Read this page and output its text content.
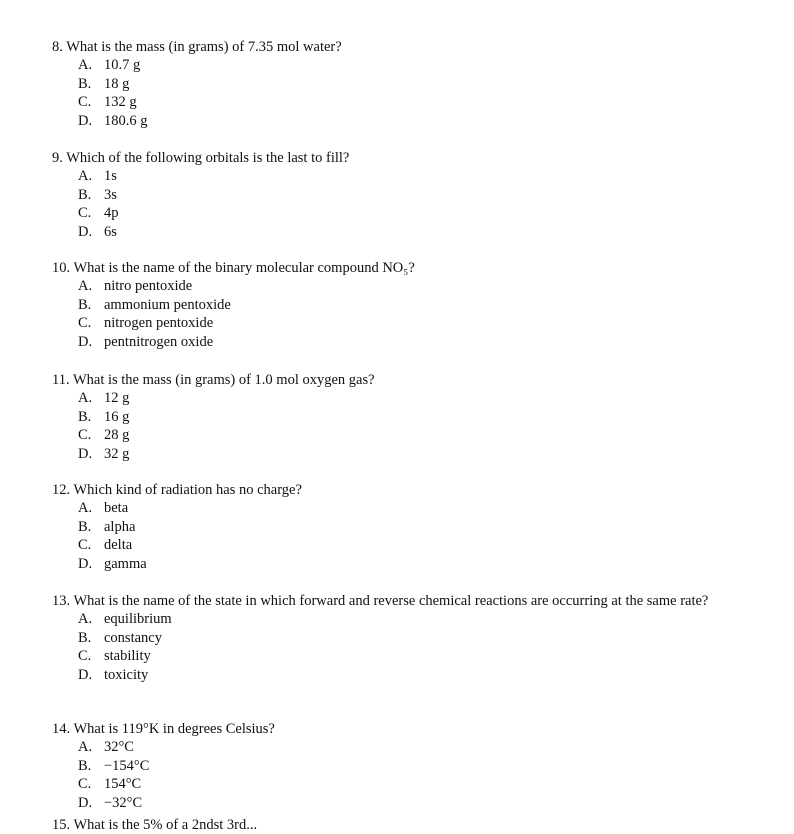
8. What is the mass (in grams) of 7.35 mol water?

A. 10.7 g
B. 18 g
C. 132 g
D. 180.6 g

9. Which of the following orbitals is the last to fill?

A. 1s
B. 3s
C. 4p
D. 6s

10. What is the name of the binary molecular compound NO₅?

A. nitro pentoxide
B. ammonium pentoxide
C. nitrogen pentoxide
D. pentnitrogen oxide

11. What is the mass (in grams) of 1.0 mol oxygen gas?

A. 12 g
B. 16 g
C. 28 g
D. 32 g

12. Which kind of radiation has no charge?

A. beta
B. alpha
C. delta
D. gamma

13. What is the name of the state in which forward and reverse chemical reactions are occurring at the same rate?

A. equilibrium
B. constancy
C. stability
D. toxicity

14. What is 119°K in degrees Celsius?

A. 32°C
B. −154°C
C. 154°C
D. −32°C
15. What is the 5% of a 2ndst 3rd...
